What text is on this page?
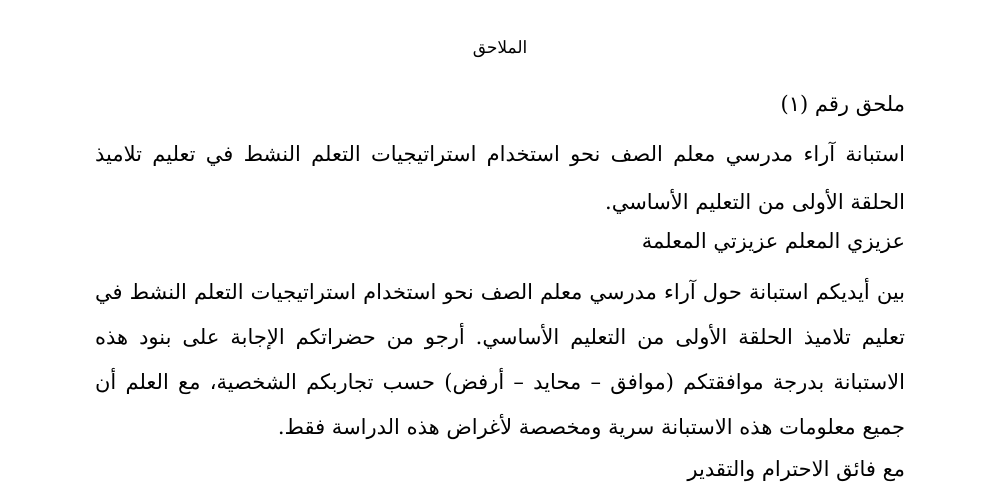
الملاحق
ملحق رقم (١)
استبانة آراء مدرسي معلم الصف نحو استخدام استراتيجيات التعلم النشط في تعليم تلاميذ الحلقة الأولى من التعليم الأساسي.
عزيزي المعلم عزيزتي المعلمة
بين أيديكم استبانة حول آراء مدرسي معلم الصف نحو استخدام استراتيجيات التعلم النشط في تعليم تلاميذ الحلقة الأولى من التعليم الأساسي. أرجو من حضراتكم الإجابة على بنود هذه الاستبانة بدرجة موافقتكم (موافق – محايد – أرفض) حسب تجاربكم الشخصية، مع العلم أن جميع معلومات هذه الاستبانة سرية ومخصصة لأغراض هذه الدراسة فقط.
مع فائق الاحترام والتقدير
